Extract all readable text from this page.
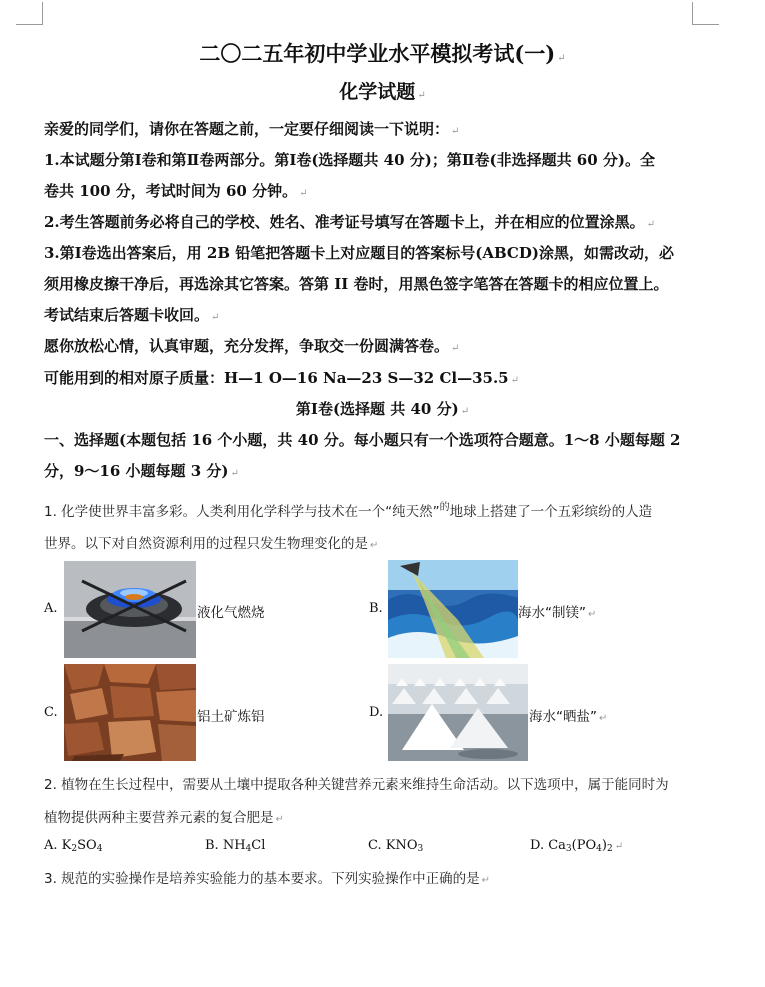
二〇二五年初中学业水平模拟考试(一) ↵
化学试题 ↵
亲爱的同学们，请你在答题之前，一定要仔细阅读一下说明： ↵
1.本试题分第Ⅰ卷和第Ⅱ卷两部分。第Ⅰ卷(选择题共 40 分)；第Ⅱ卷(非选择题共 60 分)。全
卷共 100 分，考试时间为 60 分钟。 ↵
2.考生答题前务必将自己的学校、姓名、准考证号填写在答题卡上，并在相应的位置涂黑。 ↵
3.第Ⅰ卷选出答案后，用 2B 铅笔把答题卡上对应题目的答案标号(ABCD)涂黑，如需改动，必
须用橡皮擦干净后，再选涂其它答案。答第 II 卷时，用黑色签字笔答在答题卡的相应位置上。
考试结束后答题卡收回。 ↵
愿你放松心情，认真审题，充分发挥，争取交一份圆满答卷。 ↵
可能用到的相对原子质量：H—1 O—16 Na—23 S—32 Cl—35.5 ↵
第Ⅰ卷(选择题 共 40 分) ↵
一、选择题(本题包括 16 个小题，共 40 分。每小题只有一个选项符合题意。1～8 小题每题 2
分，9～16 小题每题 3 分) ↵
1. 化学使世界丰富多彩。人类利用化学科学与技术在一个“纯天然”$^的$地球上搭建了一个五彩缤纷的人造
世界。以下对自然资源利用的过程只发生物理变化的是 ↵
A.	液化气燃烧	B.	海水“制镁” ↵
C.	铝土矿炼铝	D.	海水“晒盐” ↵
2. 植物在生长过程中，需要从土壤中提取各种关键营养元素来维持生命活动。以下选项中，属于能同时为
植物提供两种主要营养元素的复合肥是 ↵
A. $K_2SO_4$	B. $NH_4Cl$	C. $KNO_3$	D. $Ca_3(PO_4)_2$ ↵
3. 规范的实验操作是培养实验能力的基本要求。下列实验操作中正确的是 ↵
